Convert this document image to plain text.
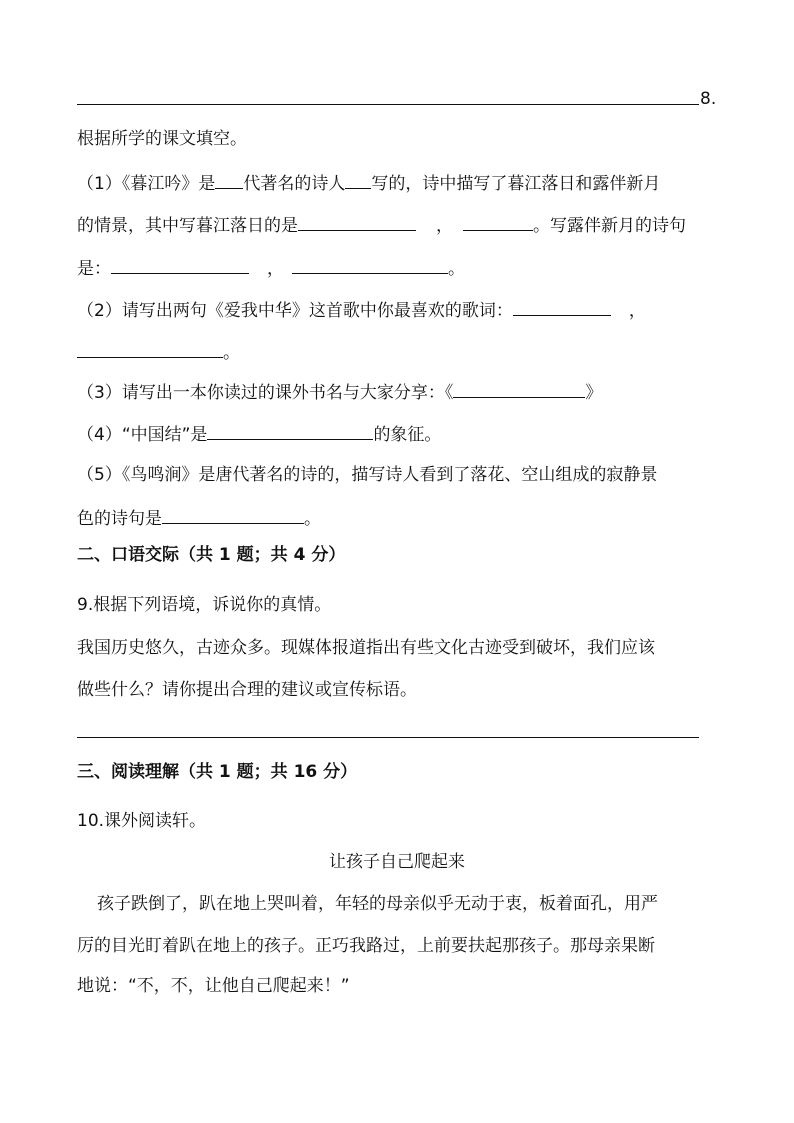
8.
根据所学的课文填空。
（1）《暮江吟》是 代著名的诗人 写的，诗中描写了暮江落日和露伴新月
的情景，其中写暮江落日的是	，	。写露伴新月的诗句
是：	，	。
（2）请写出两句《爱我中华》这首歌中你最喜欢的歌词：	，
。
（3）请写出一本你读过的课外书名与大家分享：《	》
（4）“中国结”是	的象征。
（5）《鸟鸣涧》是唐代著名的诗的，描写诗人看到了落花、空山组成的寂静景
色的诗句是	。
二、口语交际（共 1 题；共 4 分）
9.根据下列语境，诉说你的真情。
我国历史悠久，古迹众多。现媒体报道指出有些文化古迹受到破坏，我们应该
做些什么？请你提出合理的建议或宣传标语。
三、阅读理解（共 1 题；共 16 分）
10.课外阅读轩。
让孩子自己爬起来
孩子跌倒了，趴在地上哭叫着，年轻的母亲似乎无动于衷，板着面孔，用严
厉的目光盯着趴在地上的孩子。正巧我路过，上前要扶起那孩子。那母亲果断
地说：“不，不，让他自己爬起来！”
